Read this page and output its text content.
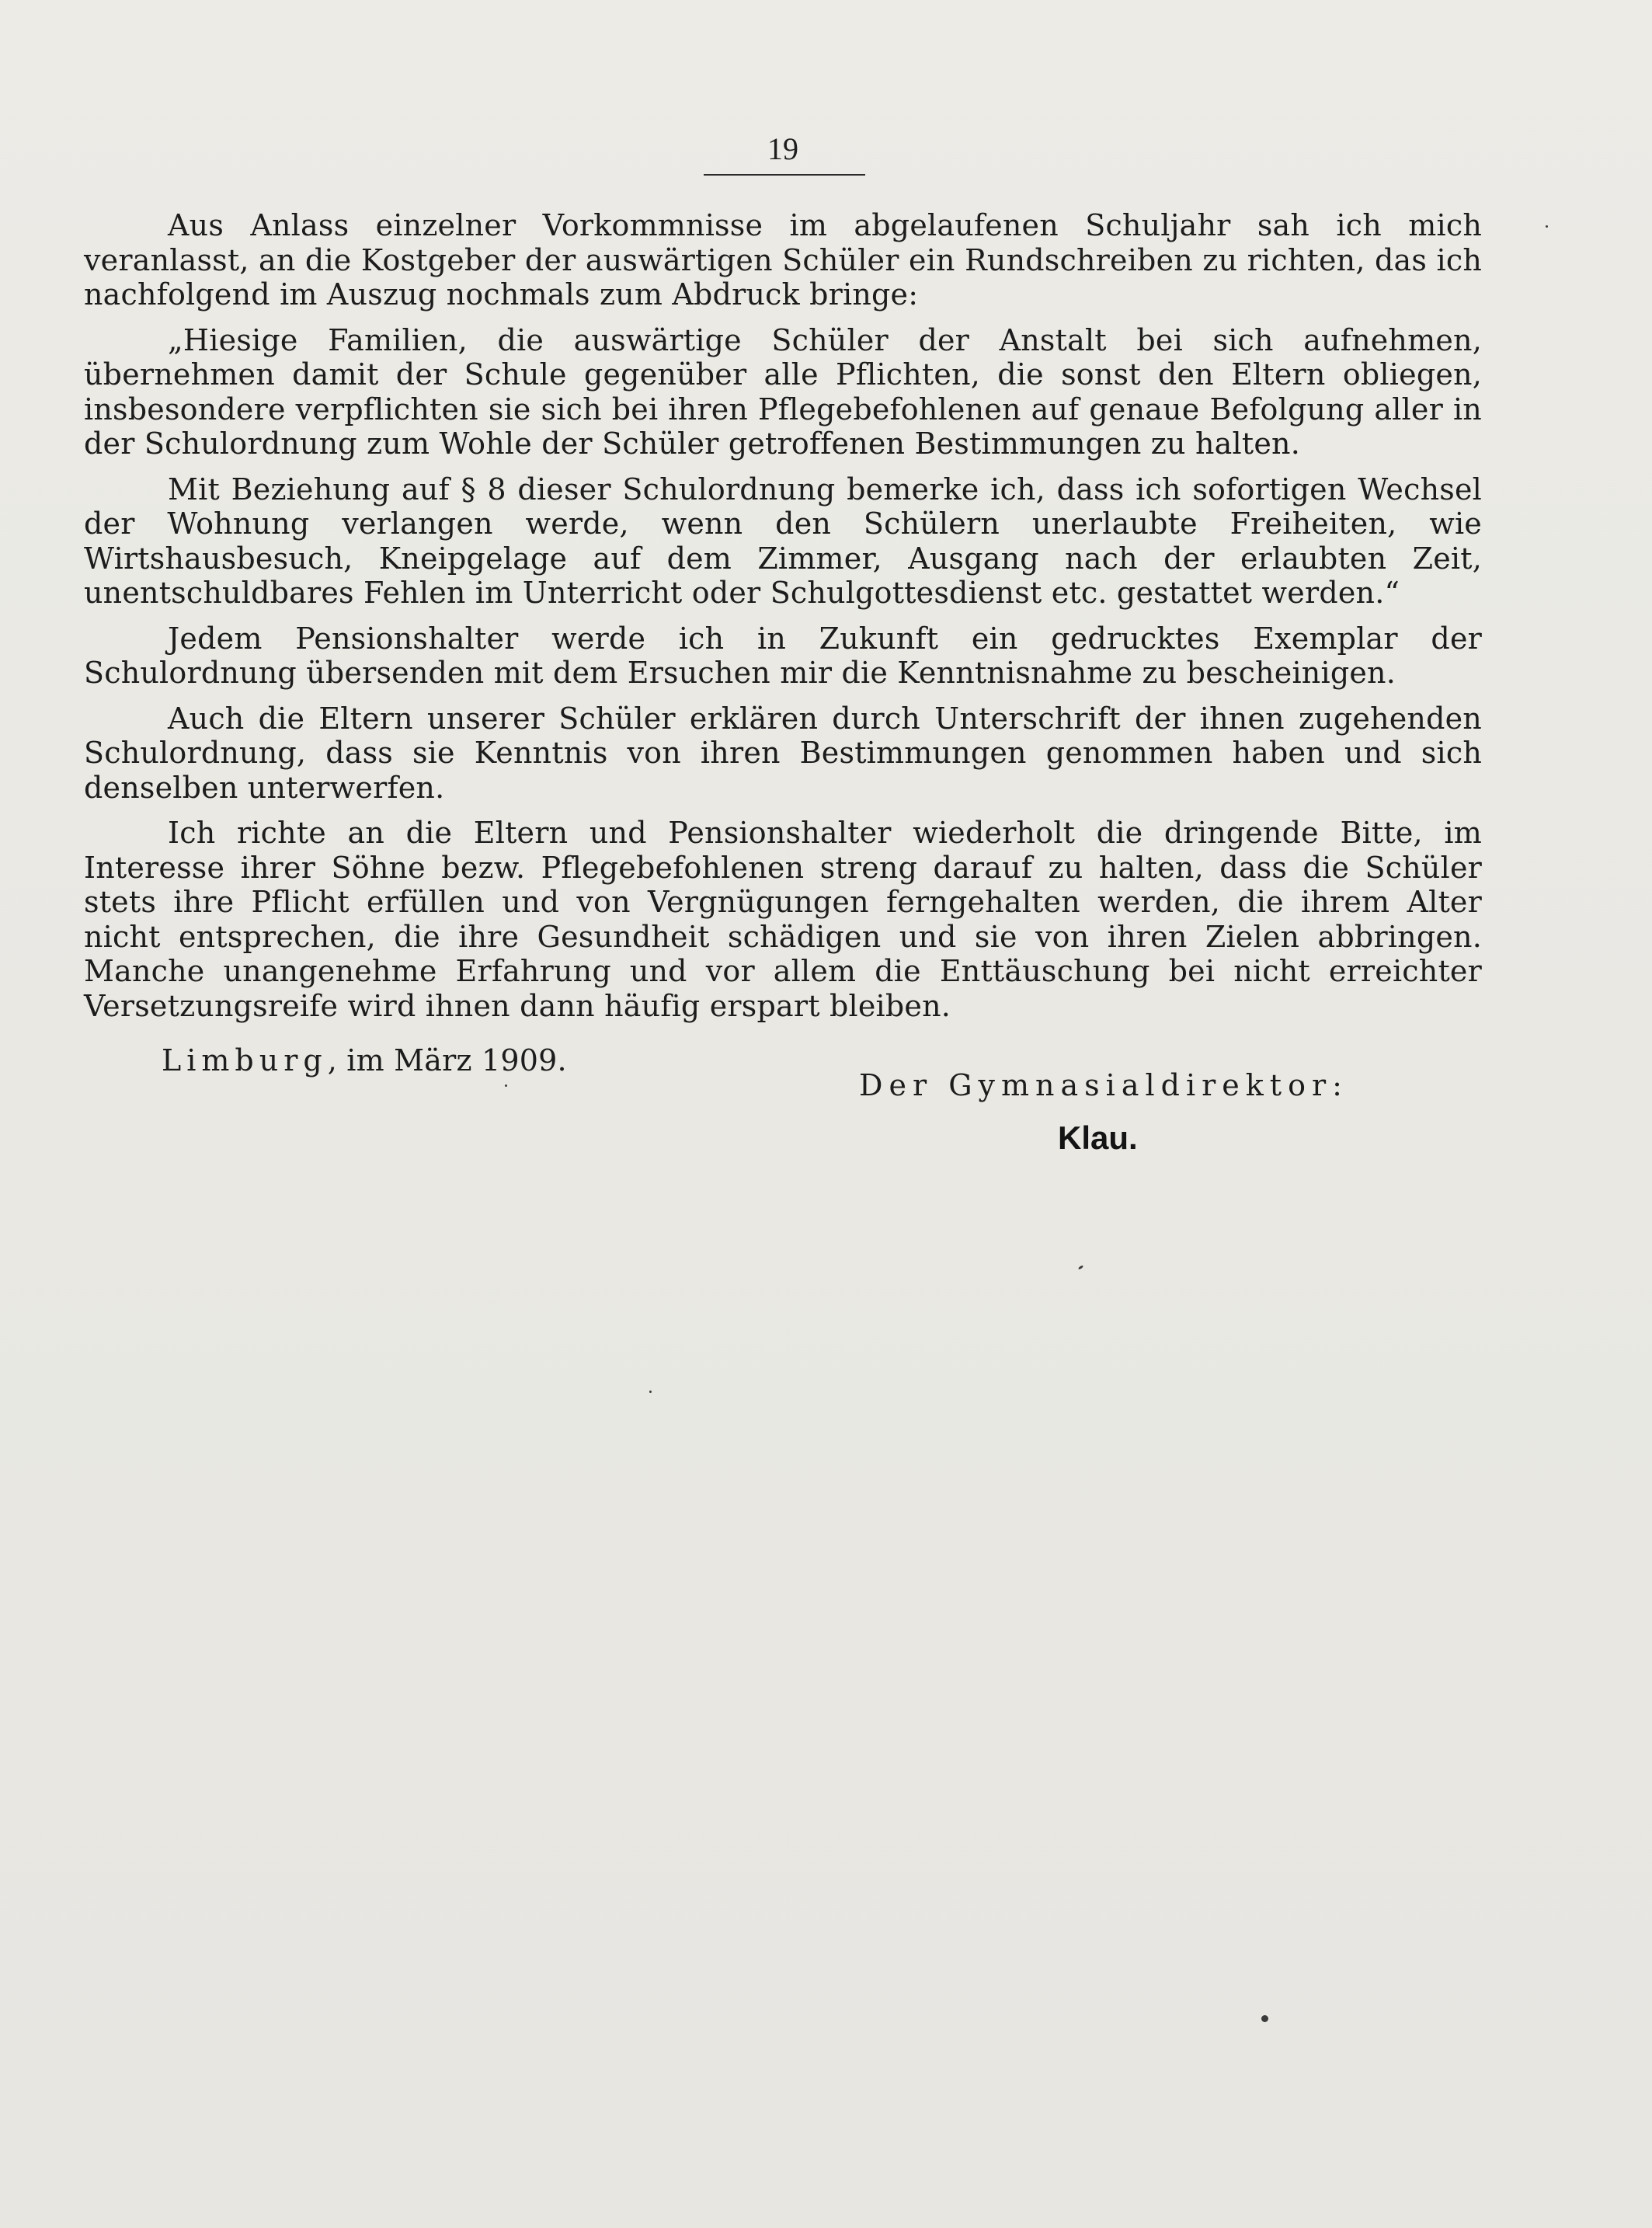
19

Aus Anlass einzelner Vorkommnisse im abgelaufenen Schuljahr sah ich mich veranlasst, an die Kostgeber der auswärtigen Schüler ein Rundschreiben zu richten, das ich nachfolgend im Auszug nochmals zum Abdruck bringe:

„Hiesige Familien, die auswärtige Schüler der Anstalt bei sich aufnehmen, übernehmen damit der Schule gegenüber alle Pflichten, die sonst den Eltern obliegen, insbesondere verpflichten sie sich bei ihren Pflegebefohlenen auf genaue Befolgung aller in der Schulordnung zum Wohle der Schüler getroffenen Bestimmungen zu halten.

Mit Beziehung auf § 8 dieser Schulordnung bemerke ich, dass ich sofortigen Wechsel der Wohnung verlangen werde, wenn den Schülern unerlaubte Freiheiten, wie Wirtshausbesuch, Kneipgelage auf dem Zimmer, Ausgang nach der erlaubten Zeit, unentschuldbares Fehlen im Unterricht oder Schulgottesdienst etc. gestattet werden.“

Jedem Pensionshalter werde ich in Zukunft ein gedrucktes Exemplar der Schulordnung übersenden mit dem Ersuchen mir die Kenntnisnahme zu bescheinigen.

Auch die Eltern unserer Schüler erklären durch Unterschrift der ihnen zugehenden Schulordnung, dass sie Kenntnis von ihren Bestimmungen genommen haben und sich denselben unterwerfen.

Ich richte an die Eltern und Pensionshalter wiederholt die dringende Bitte, im Interesse ihrer Söhne bezw. Pflegebefohlenen streng darauf zu halten, dass die Schüler stets ihre Pflicht erfüllen und von Vergnügungen ferngehalten werden, die ihrem Alter nicht entsprechen, die ihre Gesundheit schädigen und sie von ihren Zielen abbringen. Manche unangenehme Erfahrung und vor allem die Enttäuschung bei nicht erreichter Versetzungsreife wird ihnen dann häufig erspart bleiben.

Limburg, im März 1909.

Der Gymnasialdirektor:
Klau.
